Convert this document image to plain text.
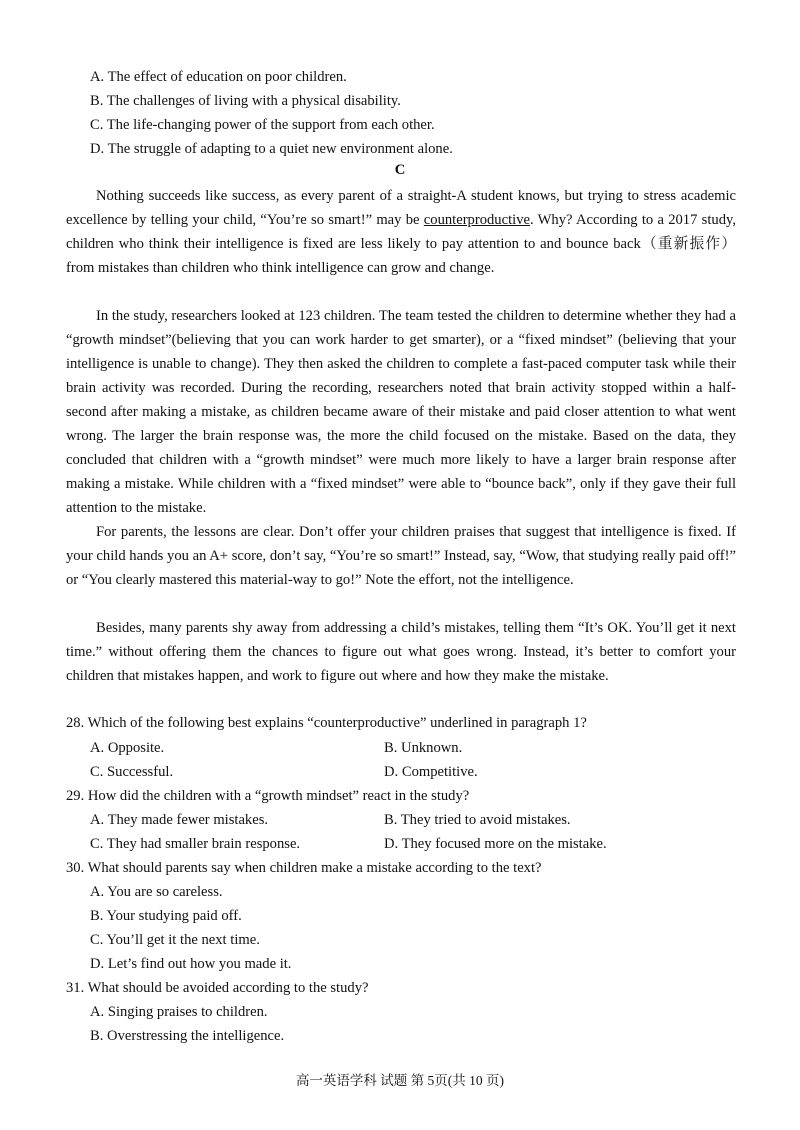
A. The effect of education on poor children.
B. The challenges of living with a physical disability.
C. The life-changing power of the support from each other.
D. The struggle of adapting to a quiet new environment alone.
C
Nothing succeeds like success, as every parent of a straight-A student knows, but trying to stress academic excellence by telling your child, “You’re so smart!” may be counterproductive. Why? According to a 2017 study, children who think their intelligence is fixed are less likely to pay attention to and bounce back（重新振作）from mistakes than children who think intelligence can grow and change.
In the study, researchers looked at 123 children. The team tested the children to determine whether they had a “growth mindset”(believing that you can work harder to get smarter), or a “fixed mindset” (believing that your intelligence is unable to change). They then asked the children to complete a fast-paced computer task while their brain activity was recorded. During the recording, researchers noted that brain activity stopped within a half-second after making a mistake, as children became aware of their mistake and paid closer attention to what went wrong. The larger the brain response was, the more the child focused on the mistake. Based on the data, they concluded that children with a “growth mindset” were much more likely to have a larger brain response after making a mistake. While children with a “fixed mindset” were able to “bounce back”, only if they gave their full attention to the mistake.
For parents, the lessons are clear. Don’t offer your children praises that suggest that intelligence is fixed. If your child hands you an A+ score, don’t say, “You’re so smart!” Instead, say, “Wow, that studying really paid off!” or “You clearly mastered this material-way to go!” Note the effort, not the intelligence.
Besides, many parents shy away from addressing a child’s mistakes, telling them “It’s OK. You’ll get it next time.” without offering them the chances to figure out what goes wrong. Instead, it’s better to comfort your children that mistakes happen, and work to figure out where and how they make the mistake.
28. Which of the following best explains “counterproductive” underlined in paragraph 1?
A. Opposite.	B. Unknown.
C. Successful.	D. Competitive.
29. How did the children with a “growth mindset” react in the study?
A. They made fewer mistakes.	B. They tried to avoid mistakes.
C. They had smaller brain response.	D. They focused more on the mistake.
30. What should parents say when children make a mistake according to the text?
A. You are so careless.
B. Your studying paid off.
C. You’ll get it the next time.
D. Let’s find out how you made it.
31. What should be avoided according to the study?
A. Singing praises to children.
B. Overstressing the intelligence.
高一英语学科 试题 第 5页(共 10 页)
